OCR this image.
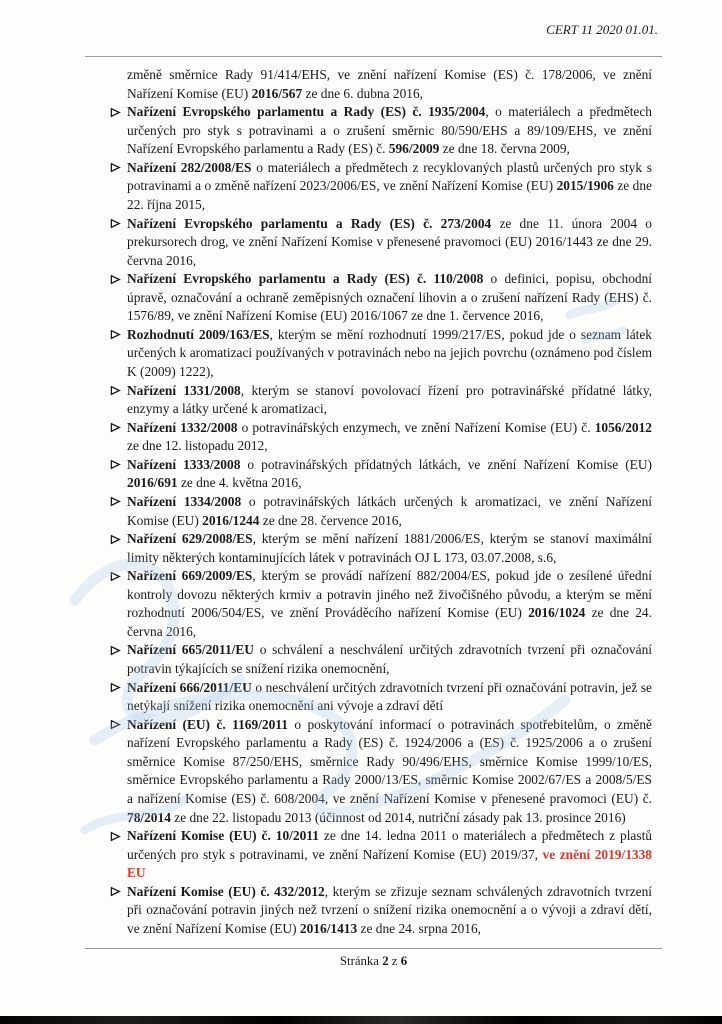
CERT 11 2020 01.01.

změně směrnice Rady 91/414/EHS, ve znění nařízení Komise (ES) č. 178/2006, ve znění Nařízení Komise (EU) 2016/567 ze dne 6. dubna 2016,

Nařízení Evropského parlamentu a Rady (ES) č. 1935/2004, o materiálech a předmětech určených pro styk s potravinami a o zrušení směrnic 80/590/EHS a 89/109/EHS, ve znění Nařízení Evropského parlamentu a Rady (ES) č. 596/2009 ze dne 18. června 2009,
Nařízení 282/2008/ES o materiálech a předmětech z recyklovaných plastů určených pro styk s potravinami a o změně nařízení 2023/2006/ES, ve znění Nařízení Komise (EU) 2015/1906 ze dne 22. října 2015,
Nařízení Evropského parlamentu a Rady (ES) č. 273/2004 ze dne 11. února 2004 o prekursorech drog, ve znění Nařízení Komise v přenesené pravomoci (EU) 2016/1443 ze dne 29. června 2016,
Nařízení Evropského parlamentu a Rady (ES) č. 110/2008 o definici, popisu, obchodní úpravě, označování a ochraně zeměpisných označení lihovin a o zrušení nařízení Rady (EHS) č. 1576/89, ve znění Nařízení Komise (EU) 2016/1067 ze dne 1. července 2016,
Rozhodnutí 2009/163/ES, kterým se mění rozhodnutí 1999/217/ES, pokud jde o seznam látek určených k aromatizaci používaných v potravinách nebo na jejich povrchu (oznámeno pod číslem K (2009) 1222),
Nařízení 1331/2008, kterým se stanoví povolovací řízení pro potravinářské přídatné látky, enzymy a látky určené k aromatizaci,
Nařízení 1332/2008 o potravinářských enzymech, ve znění Nařízení Komise (EU) č. 1056/2012 ze dne 12. listopadu 2012,
Nařízení 1333/2008 o potravinářských přídatných látkách, ve znění Nařízení Komise (EU) 2016/691 ze dne 4. května 2016,
Nařízení 1334/2008 o potravinářských látkách určených k aromatizaci, ve znění Nařízení Komise (EU) 2016/1244 ze dne 28. července 2016,
Nařízení 629/2008/ES, kterým se mění nařízení 1881/2006/ES, kterým se stanoví maximální limity některých kontaminujících látek v potravinách OJ L 173, 03.07.2008, s.6,
Nařízení 669/2009/ES, kterým se provádí nařízení 882/2004/ES, pokud jde o zesílené úřední kontroly dovozu některých krmiv a potravin jiného než živočišného původu, a kterým se mění rozhodnutí 2006/504/ES, ve znění Prováděcího nařízení Komise (EU) 2016/1024 ze dne 24. června 2016,
Nařízení 665/2011/EU o schválení a neschválení určitých zdravotních tvrzení při označování potravin týkajících se snížení rizika onemocnění,
Nařízení 666/2011/EU o neschválení určitých zdravotních tvrzení při označování potravin, jež se netýkají snížení rizika onemocnění ani vývoje a zdraví dětí
Nařízení (EU) č. 1169/2011 o poskytování informací o potravinách spotřebitelům, o změně nařízení Evropského parlamentu a Rady (ES) č. 1924/2006 a (ES) č. 1925/2006 a o zrušení směrnice Komise 87/250/EHS, směrnice Rady 90/496/EHS, směrnice Komise 1999/10/ES, směrnice Evropského parlamentu a Rady 2000/13/ES, směrnic Komise 2002/67/ES a 2008/5/ES a nařízení Komise (ES) č. 608/2004, ve znění Nařízení Komise v přenesené pravomoci (EU) č. 78/2014 ze dne 22. listopadu 2013 (účinnost od 2014, nutriční zásady pak 13. prosince 2016)
Nařízení Komise (EU) č. 10/2011 ze dne 14. ledna 2011 o materiálech a předmětech z plastů určených pro styk s potravinami, ve znění Nařízení Komise (EU) 2019/37, ve znění 2019/1338 EU
Nařízení Komise (EU) č. 432/2012, kterým se zřizuje seznam schválených zdravotních tvrzení při označování potravin jiných než tvrzení o snížení rizika onemocnění a o vývoji a zdraví dětí, ve znění Nařízení Komise (EU) 2016/1413 ze dne 24. srpna 2016,
Stránka 2 z 6
